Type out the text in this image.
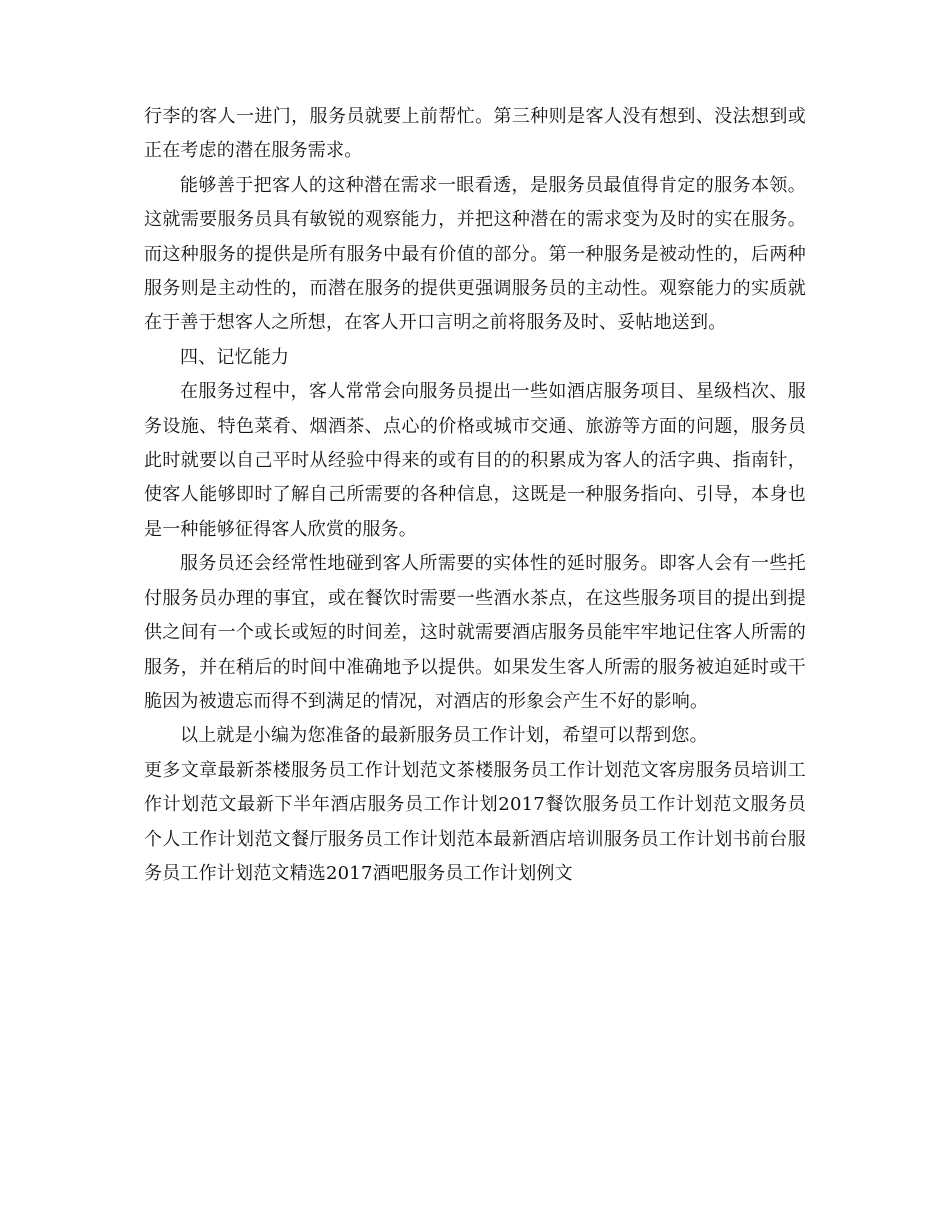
行李的客人一进门，服务员就要上前帮忙。第三种则是客人没有想到、没法想到或正在考虑的潜在服务需求。

能够善于把客人的这种潜在需求一眼看透，是服务员最值得肯定的服务本领。这就需要服务员具有敏锐的观察能力，并把这种潜在的需求变为及时的实在服务。而这种服务的提供是所有服务中最有价值的部分。第一种服务是被动性的，后两种服务则是主动性的，而潜在服务的提供更强调服务员的主动性。观察能力的实质就在于善于想客人之所想，在客人开口言明之前将服务及时、妥帖地送到。

四、记忆能力

在服务过程中，客人常常会向服务员提出一些如酒店服务项目、星级档次、服务设施、特色菜肴、烟酒茶、点心的价格或城市交通、旅游等方面的问题，服务员此时就要以自己平时从经验中得来的或有目的的积累成为客人的活字典、指南针，使客人能够即时了解自己所需要的各种信息，这既是一种服务指向、引导，本身也是一种能够征得客人欣赏的服务。

服务员还会经常性地碰到客人所需要的实体性的延时服务。即客人会有一些托付服务员办理的事宜，或在餐饮时需要一些酒水茶点，在这些服务项目的提出到提供之间有一个或长或短的时间差，这时就需要酒店服务员能牢牢地记住客人所需的服务，并在稍后的时间中准确地予以提供。如果发生客人所需的服务被迫延时或干脆因为被遗忘而得不到满足的情况，对酒店的形象会产生不好的影响。

以上就是小编为您准备的最新服务员工作计划，希望可以帮到您。

更多文章最新茶楼服务员工作计划范文茶楼服务员工作计划范文客房服务员培训工作计划范文最新下半年酒店服务员工作计划2017餐饮服务员工作计划范文服务员个人工作计划范文餐厅服务员工作计划范本最新酒店培训服务员工作计划书前台服务员工作计划范文精选2017酒吧服务员工作计划例文
